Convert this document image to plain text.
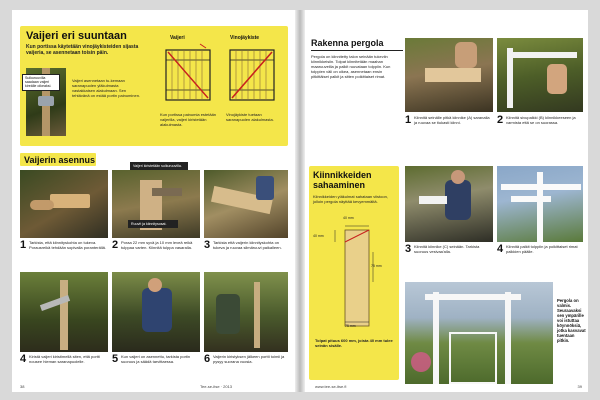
Vaijeri eri suuntaan
Kun portissa käytetään vinojäykisteiden sijasta vaijeria, se asennetaan toisin päin.
Sulkuruuvilla saadaan vaijeri kireälle oikeaksi.
Vaijeri asennetaan tu-kemaan saranapuolen yläkulmasta vastakkaisen alakulmaan. Sen tehtävänä on estää portin painuminen.
Vaijeri	Vinojäykiste
Kun portissa painumia estetään vaijerilla, vaijeri kiristetään alakulmasta.
Vinojäykiste tuetaan saranapuolen alakulmasta.
Vaijerin asennus
Vaijeri kiristetään sulkuruuvilla.
Ruuvit ja kiinnitysosat.
1 Tarkista, että kiinnityskohta on tukeva. Porausreikä tehdään sopivalla poranterällä. 2 Poraa 22 mm syvä ja 10 mm leveä reikä tulppaa varten. Kiinnitä tulppa vasaralla.	3 Tarkista että vaijerin kiinnityskohta on tukeva ja ruuvaa silmäruuvi paikalleen.
4 Kiristä vaijeri kiristimellä siten, että portti nousee hieman saranapuolelle.	5 Kun vaijeri on asennettu, tarkista portin suoruus ja säädä tarvittaessa.	6 Vaijerin kiristyksen jälkeen portti toimii ja pysyy suorana vuosia.
38	Tee-se-itse · 2013
Rakenna pergola
Pergola on kiinnitetty talon seinään tukeviin kiinnikkeisiin. Tolpat kiinnitetään maahan maaruuveilla ja palkit ruuvataan tolppiin. Kun tolppien väli on oikea, asennetaan ensin pitkittäiset palkit ja sitten poikittaiset rimat.
1 Kiinnitä seinälle pitkä kiinnike (A) saranalla ja ruuvaa se tiukasti kiinni.	2 Kiinnitä sivupalkki (B) kiinnikkeeseen ja varmista että se on suorassa.
Kiinnikkeiden sahaaminen
Kiinnikkeiden yläkulmat sahataan viistoon, jolloin pergola näyttää kevyemmältä.
40 mm
40 mm
75 mm
75 mm
Tolpat pituus 600 mm, joista 40 mm tulee seinän sisälle.
3 Kiinnitä kiinnike (C) seinään. Tarkista suoruus vesivaa'alla.	4 Kiinnitä palkit tolppiin ja poikittaiset rimat palkkien päälle.
Pergola on valmis. Seuraavaksi sen ympärille voi istuttaa köynnöksiä, jotka kasvavat tuentaan pitkin.
www.tee-se-itse.fi	39
